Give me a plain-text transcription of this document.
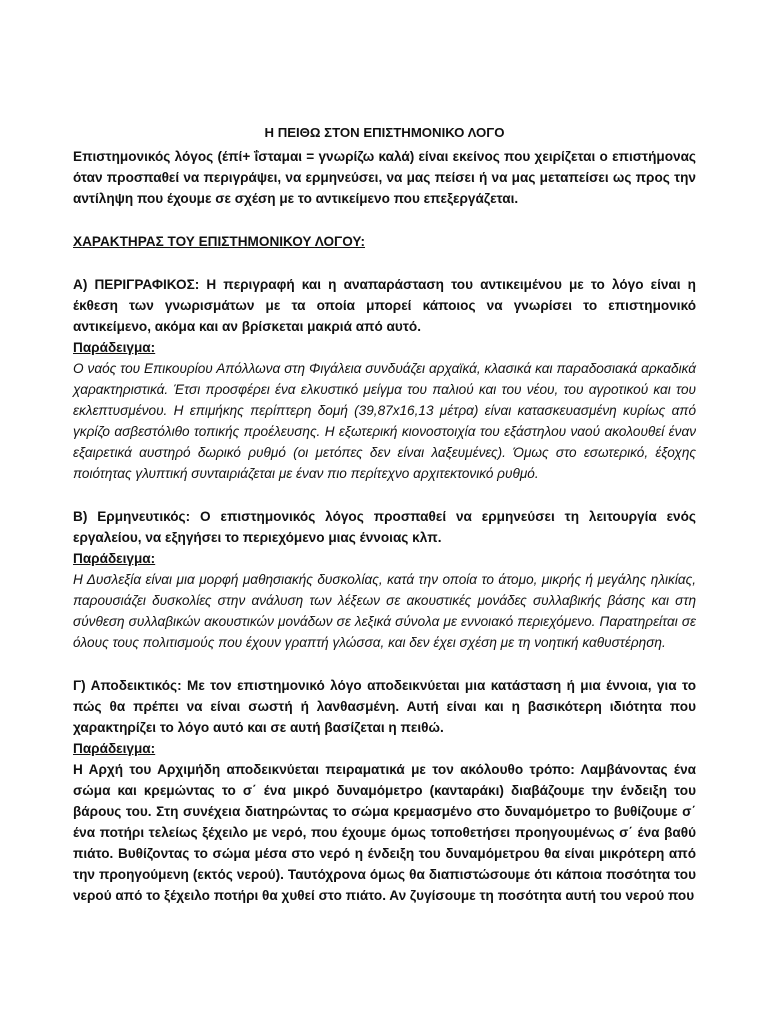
Η ΠΕΙΘΩ ΣΤΟΝ ΕΠΙΣΤΗΜΟΝΙΚΟ ΛΟΓΟ

Επιστημονικός λόγος (έπί+ ΐσταμαι = γνωρίζω καλά) είναι εκείνος που χειρίζεται ο επιστήμονας όταν προσπαθεί να περιγράψει, να ερμηνεύσει, να μας πείσει ή να μας μεταπείσει ως προς την αντίληψη που έχουμε σε σχέση με το αντικείμενο που επεξεργάζεται.

ΧΑΡΑΚΤΗΡΑΣ ΤΟΥ ΕΠΙΣΤΗΜΟΝΙΚΟΥ ΛΟΓΟΥ:

Α) ΠΕΡΙΓΡΑΦΙΚΟΣ: Η περιγραφή και η αναπαράσταση του αντικειμένου με το λόγο είναι η έκθεση των γνωρισμάτων με τα οποία μπορεί κάποιος να γνωρίσει το επιστημονικό αντικείμενο, ακόμα και αν βρίσκεται μακριά από αυτό.

Παράδειγμα:

Ο ναός του Επικουρίου Απόλλωνα στη Φιγάλεια συνδυάζει αρχαϊκά, κλασικά και παραδοσιακά αρκαδικά χαρακτηριστικά. Έτσι προσφέρει ένα ελκυστικό μείγμα του παλιού και του νέου, του αγροτικού και του εκλεπτυσμένου. Η επιμήκης περίπτερη δομή (39,87x16,13 μέτρα) είναι κατασκευασμένη κυρίως από γκρίζο ασβεστόλιθο τοπικής προέλευσης. Η εξωτερική κιονοστοιχία του εξάστηλου ναού ακολουθεί έναν εξαιρετικά αυστηρό δωρικό ρυθμό (οι μετόπες δεν είναι λαξευμένες). Όμως στο εσωτερικό, έξοχης ποιότητας γλυπτική συνταιριάζεται με έναν πιο περίτεχνο αρχιτεκτονικό ρυθμό.

Β) Ερμηνευτικός: Ο επιστημονικός λόγος προσπαθεί να ερμηνεύσει τη λειτουργία ενός εργαλείου, να εξηγήσει το περιεχόμενο μιας έννοιας κλπ.

Παράδειγμα:

Η Δυσλεξία είναι μια μορφή μαθησιακής δυσκολίας, κατά την οποία το άτομο, μικρής ή μεγάλης ηλικίας, παρουσιάζει δυσκολίες στην ανάλυση των λέξεων σε ακουστικές μονάδες συλλαβικής βάσης και στη σύνθεση συλλαβικών ακουστικών μονάδων σε λεξικά σύνολα με εννοιακό περιεχόμενο. Παρατηρείται σε όλους τους πολιτισμούς που έχουν γραπτή γλώσσα, και δεν έχει σχέση με τη νοητική καθυστέρηση.

Γ) Αποδεικτικός: Με τον επιστημονικό λόγο αποδεικνύεται μια κατάσταση ή μια έννοια, για το πώς θα πρέπει να είναι σωστή ή λανθασμένη. Αυτή είναι και η βασικότερη ιδιότητα που χαρακτηρίζει το λόγο αυτό και σε αυτή βασίζεται η πειθώ.

Παράδειγμα:

Η Αρχή του Αρχιμήδη αποδεικνύεται πειραματικά με τον ακόλουθο τρόπο: Λαμβάνοντας ένα σώμα και κρεμώντας το σ΄ ένα μικρό δυναμόμετρο (κανταράκι) διαβάζουμε την ένδειξη του βάρους του. Στη συνέχεια διατηρώντας το σώμα κρεμασμένο στο δυναμόμετρο το βυθίζουμε σ΄ ένα ποτήρι τελείως ξέχειλο με νερό, που έχουμε όμως τοποθετήσει προηγουμένως σ΄ ένα βαθύ πιάτο. Βυθίζοντας το σώμα μέσα στο νερό η ένδειξη του δυναμόμετρου θα είναι μικρότερη από την προηγούμενη (εκτός νερού). Ταυτόχρονα όμως θα διαπιστώσουμε ότι κάποια ποσότητα του νερού από το ξέχειλο ποτήρι θα χυθεί στο πιάτο. Αν ζυγίσουμε τη ποσότητα αυτή του νερού που
